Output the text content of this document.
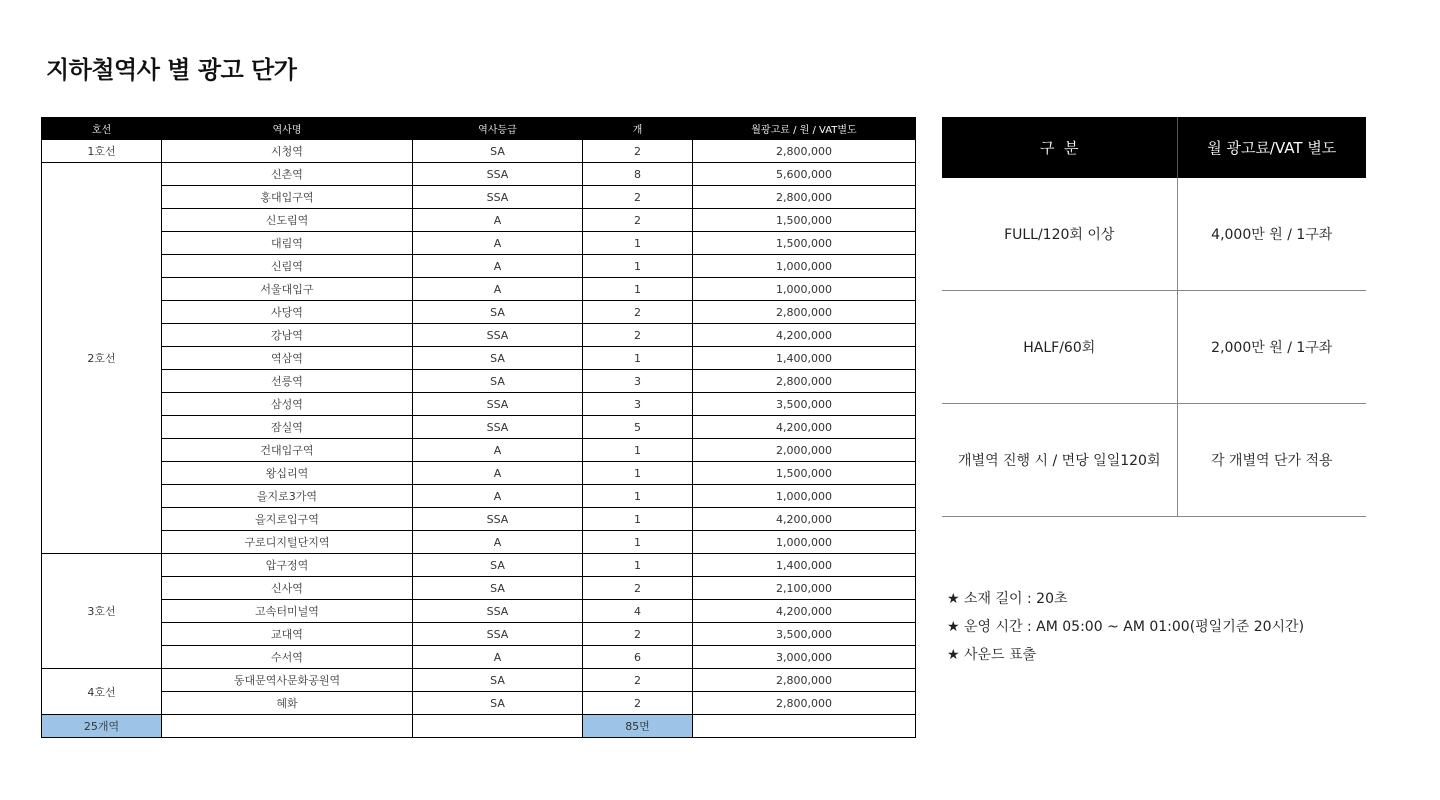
지하철역사 별 광고 단가
호선	역사명	역사등급	개	월광고료 / 원 / VAT별도
1호선	시청역	SA	2	2,800,000
2호선	신촌역	SSA	8	5,600,000
	홍대입구역	SSA	2	2,800,000
	신도림역	A	2	1,500,000
	대림역	A	1	1,500,000
	신림역	A	1	1,000,000
	서울대입구	A	1	1,000,000
	사당역	SA	2	2,800,000
	강남역	SSA	2	4,200,000
	역삼역	SA	1	1,400,000
	선릉역	SA	3	2,800,000
	삼성역	SSA	3	3,500,000
	잠실역	SSA	5	4,200,000
	건대입구역	A	1	2,000,000
	왕십리역	A	1	1,500,000
	을지로3가역	A	1	1,000,000
	을지로입구역	SSA	1	4,200,000
	구로디지털단지역	A	1	1,000,000
3호선	압구정역	SA	1	1,400,000
	신사역	SA	2	2,100,000
	고속터미널역	SSA	4	4,200,000
	교대역	SSA	2	3,500,000
	수서역	A	6	3,000,000
4호선	동대문역사문화공원역	SA	2	2,800,000
	혜화	SA	2	2,800,000
25개역			85면	
구  분	월 광고료/VAT 별도
FULL/120회 이상	4,000만 원 / 1구좌
HALF/60회	2,000만 원 / 1구좌
개별역 진행 시 / 면당 일일120회	각 개별역 단가 적용
★ 소재 길이 : 20초
★ 운영 시간 : AM 05:00 ~ AM 01:00(평일기준 20시간)
★ 사운드 표출
